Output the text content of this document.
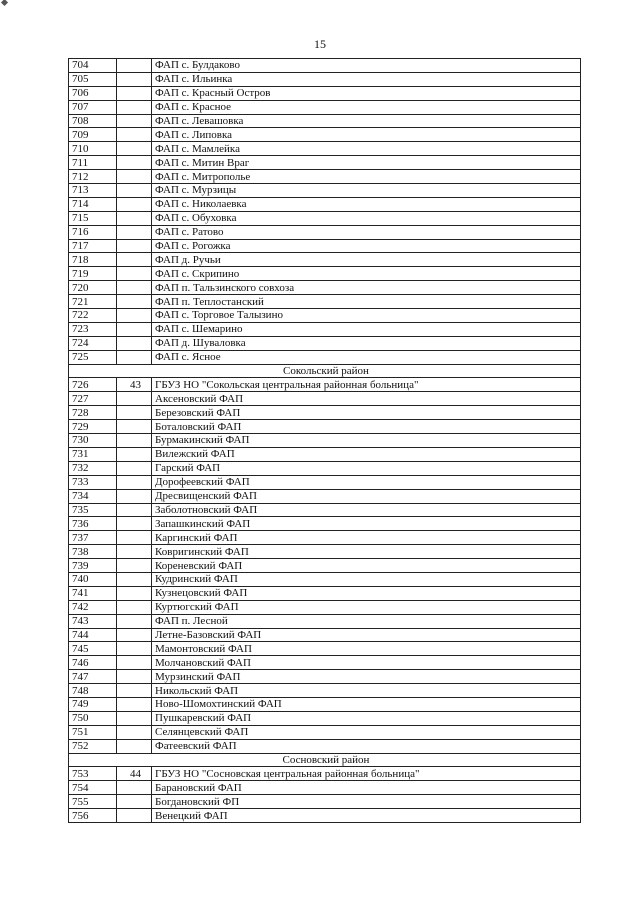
15
704		ФАП с. Булдаково
705		ФАП с. Ильинка
706		ФАП с. Красный Остров
707		ФАП с. Красное
708		ФАП с. Левашовка
709		ФАП с. Липовка
710		ФАП с. Мамлейка
711		ФАП с. Митин Враг
712		ФАП с. Митрополье
713		ФАП с. Мурзицы
714		ФАП с. Николаевка
715		ФАП с. Обуховка
716		ФАП с. Ратово
717		ФАП с. Рогожка
718		ФАП д. Ручьи
719		ФАП с. Скрипино
720		ФАП п. Тальзинского совхоза
721		ФАП п. Теплостанский
722		ФАП с. Торговое Талызино
723		ФАП с. Шемарино
724		ФАП д. Шуваловка
725		ФАП с. Ясное
Сокольский район		
726	43	ГБУЗ НО "Сокольская центральная районная больница"
727		Аксеновский ФАП
728		Березовский ФАП
729		Боталовский ФАП
730		Бурмакинский ФАП
731		Вилежский ФАП
732		Гарский ФАП
733		Дорофеевский ФАП
734		Дресвищенский ФАП
735		Заболотновский ФАП
736		Запашкинский ФАП
737		Каргинский ФАП
738		Ковригинский ФАП
739		Кореневский ФАП
740		Кудринский ФАП
741		Кузнецовский ФАП
742		Куртюгский ФАП
743		ФАП п. Лесной
744		Летне-Базовский ФАП
745		Мамонтовский ФАП
746		Молчановский ФАП
747		Мурзинский ФАП
748		Никольский ФАП
749		Ново-Шомохтинский ФАП
750		Пушкаревский ФАП
751		Селянцевский ФАП
752		Фатеевский ФАП
Сосновский район		
753	44	ГБУЗ НО "Сосновская центральная районная больница"
754		Барановский ФАП
755		Богдановский ФП
756		Венецкий ФАП
